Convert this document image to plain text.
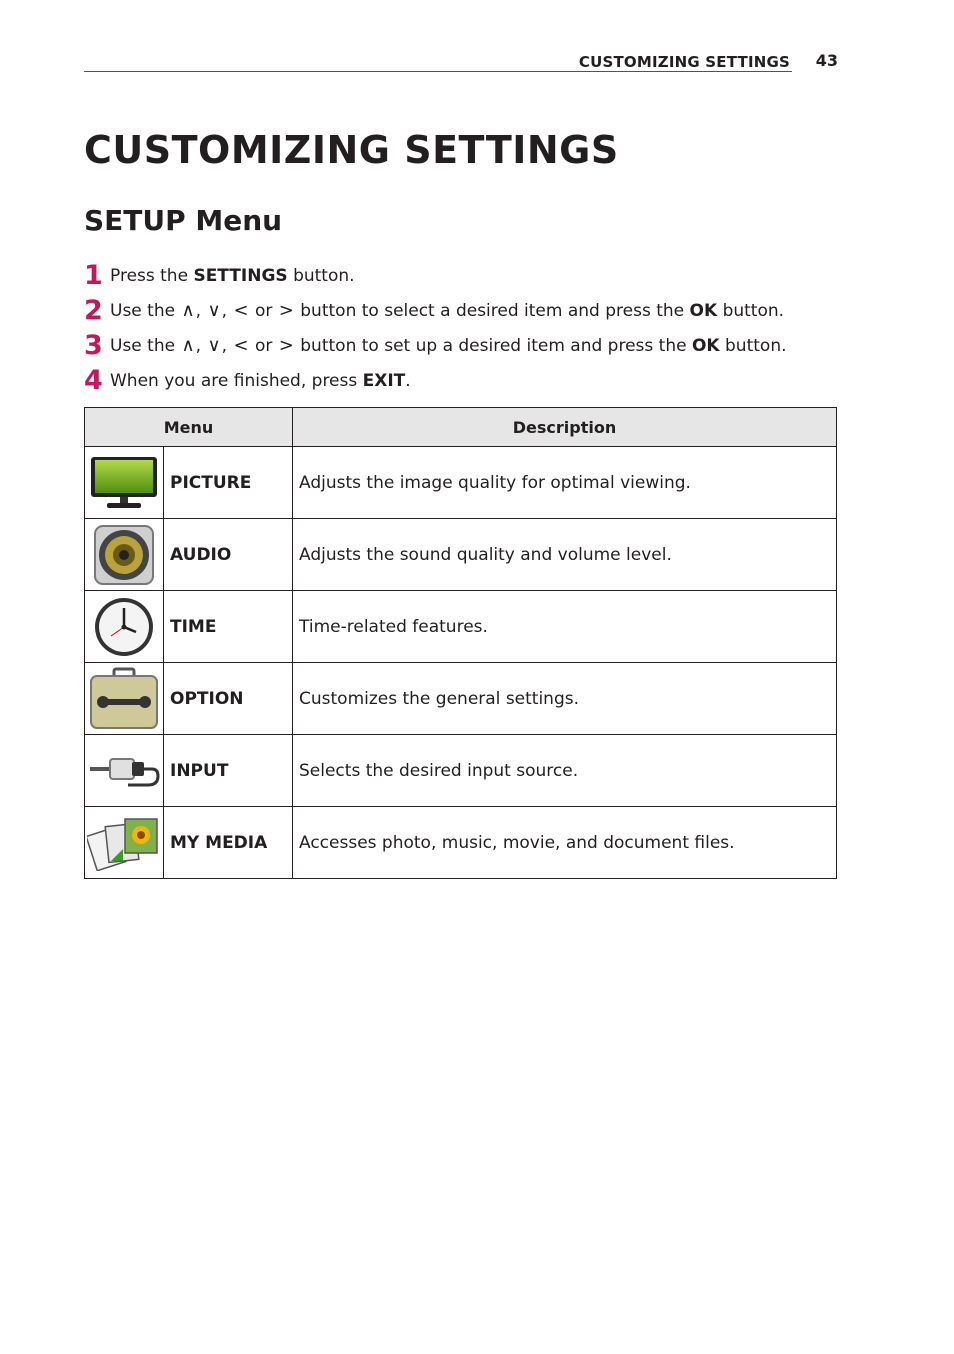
CUSTOMIZING SETTINGS 43
CUSTOMIZING SETTINGS
SETUP Menu
1 Press the
SETTINGS
button.
2 Use the
∧ , ∨ , <
or
>
button to select a desired item and press the
OK
button.
3 Use the
∧ , ∨ , <
or
>
button to set up a desired item and press the
OK
button.
4 When you are finished, press
EXIT .
Menu		Description

	PICTURE	Adjusts the image quality for optimal viewing.

	AUDIO	Adjusts the sound quality and volume level.

	TIME	Time-related features.

	OPTION	Customizes the general settings.

	INPUT	Selects the desired input source.

	MY MEDIA	Accesses photo, music, movie, and document files.
